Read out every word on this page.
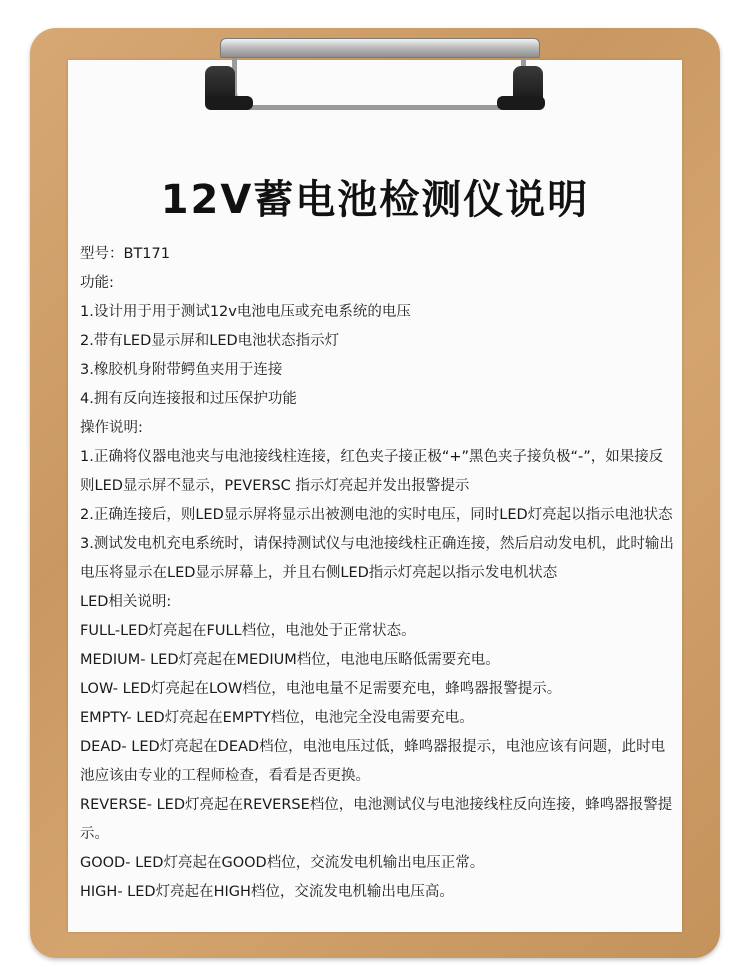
12V蓄电池检测仪说明

型号：BT171

功能:

1.设计用于用于测试12v电池电压或充电系统的电压

2.带有LED显示屏和LED电池状态指示灯

3.橡胶机身附带鳄鱼夹用于连接

4.拥有反向连接报和过压保护功能

操作说明:

1.正确将仪器电池夹与电池接线柱连接，红色夹子接正极“+”黑色夹子接负极“-”，如果接反则LED显示屏不显示，PEVERSC 指示灯亮起并发出报警提示

2.正确连接后，则LED显示屏将显示出被测电池的实时电压，同时LED灯亮起以指示电池状态

3.测试发电机充电系统时，请保持测试仪与电池接线柱正确连接，然后启动发电机，此时输出电压将显示在LED显示屏幕上，并且右侧LED指示灯亮起以指示发电机状态

LED相关说明:

FULL-LED灯亮起在FULL档位，电池处于正常状态。

MEDIUM- LED灯亮起在MEDIUM档位，电池电压略低需要充电。

LOW- LED灯亮起在LOW档位，电池电量不足需要充电，蜂鸣器报警提示。

EMPTY- LED灯亮起在EMPTY档位，电池完全没电需要充电。

DEAD- LED灯亮起在DEAD档位，电池电压过低，蜂鸣器报提示，电池应该有问题，此时电池应该由专业的工程师检查，看看是否更换。

REVERSE- LED灯亮起在REVERSE档位，电池测试仪与电池接线柱反向连接，蜂鸣器报警提示。

GOOD- LED灯亮起在GOOD档位，交流发电机输出电压正常。

HIGH- LED灯亮起在HIGH档位，交流发电机输出电压高。
